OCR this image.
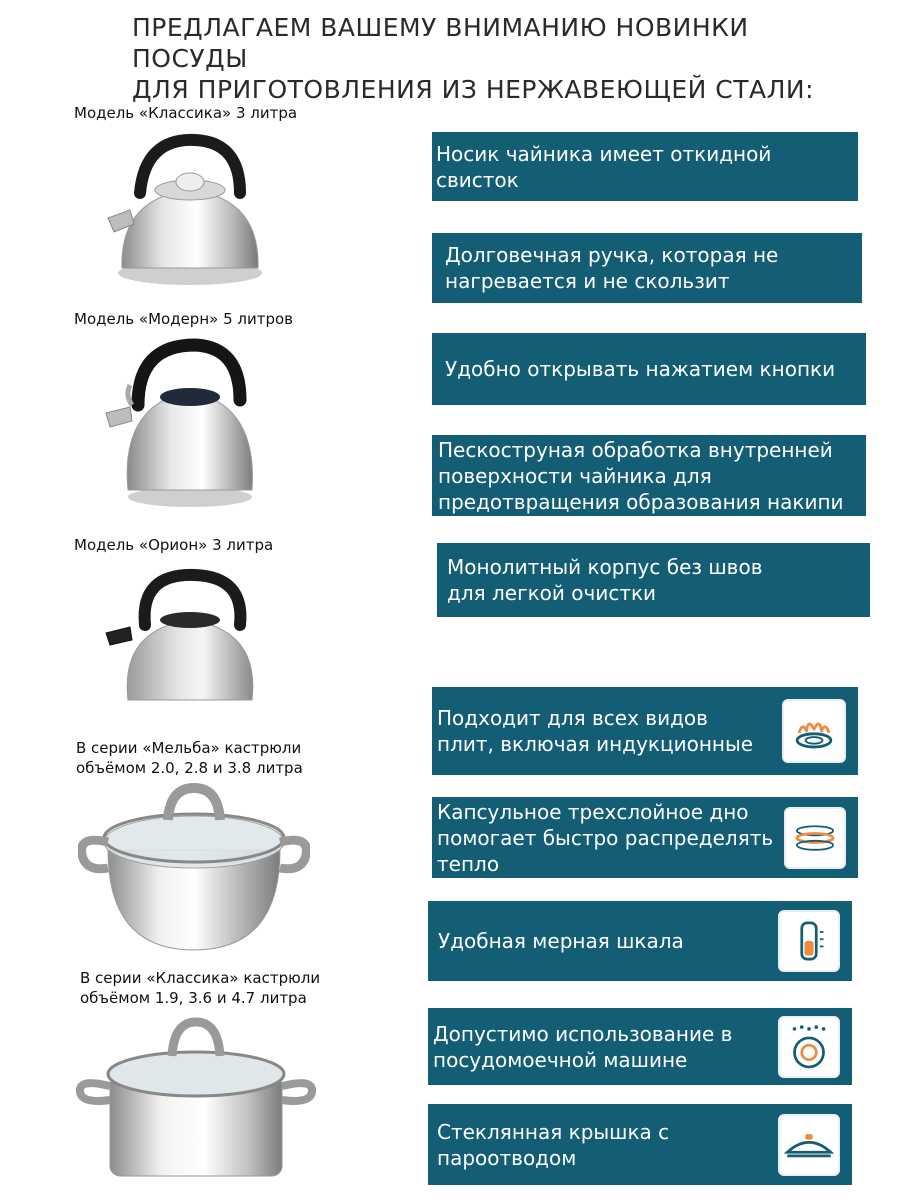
ПРЕДЛАГАЕМ ВАШЕМУ ВНИМАНИЮ НОВИНКИ ПОСУДЫ
ДЛЯ ПРИГОТОВЛЕНИЯ ИЗ НЕРЖАВЕЮЩЕЙ СТАЛИ:
Модель «Классика» 3 литра
Модель «Модерн» 5 литров
Модель «Орион» 3 литра
В серии «Мельба» кастрюли
объёмом 2.0, 2.8 и 3.8 литра
В серии «Классика» кастрюли
объёмом 1.9, 3.6 и 4.7 литра
Носик чайника имеет откидной свисток
Долговечная ручка, которая не
нагревается и не скользит
Удобно открывать нажатием кнопки
Пескоструная обработка внутренней
поверхности чайника для
предотвращения образования накипи
Монолитный корпус без швов
для легкой очистки
Подходит для всех видов
плит, включая индукционные
Капсульное трехслойное дно
помогает быстро распределять
тепло
Удобная мерная шкала
Допустимо использование в
посудомоечной машине
Стеклянная крышка с
пароотводом
